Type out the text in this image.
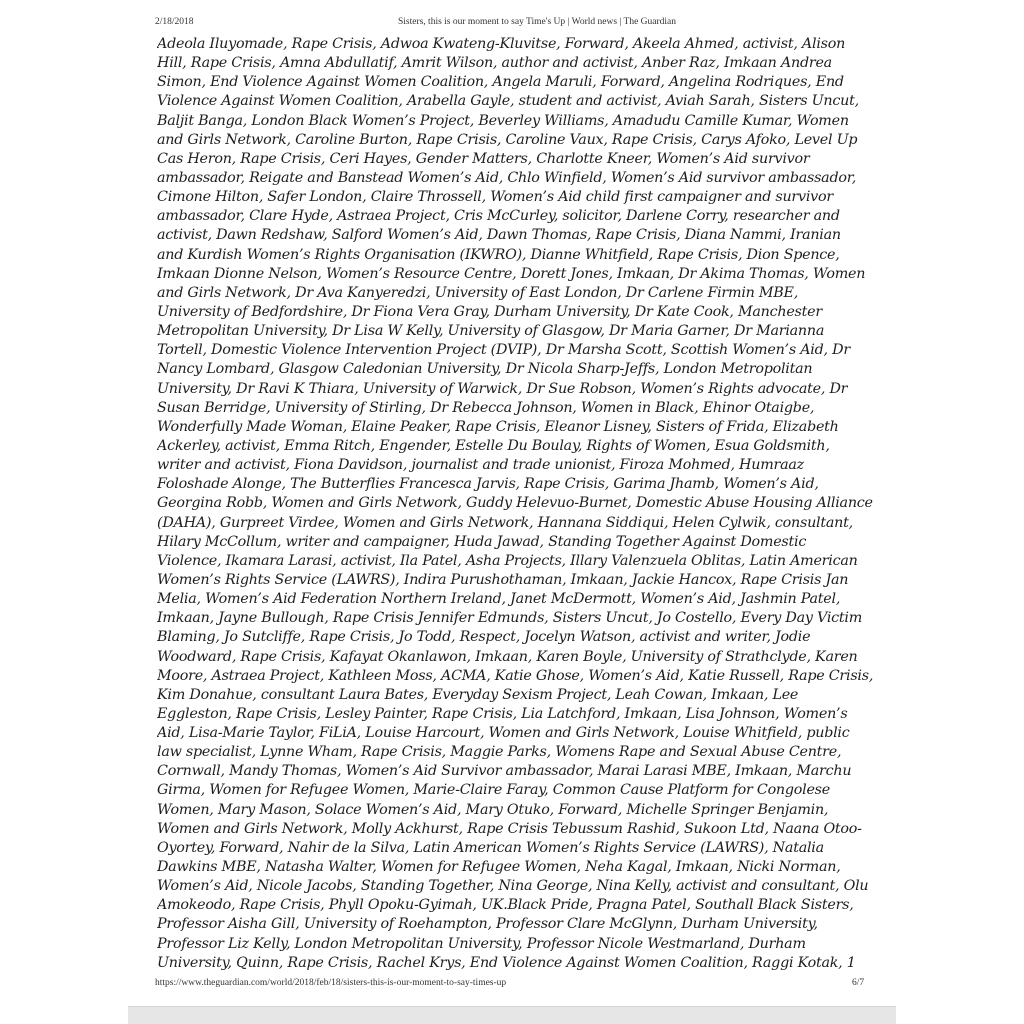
2/18/2018	Sisters, this is our moment to say Time's Up | World news | The Guardian
Adeola Iluyomade, Rape Crisis, Adwoa Kwateng-Kluvitse, Forward, Akeela Ahmed, activist, Alison
Hill, Rape Crisis, Amna Abdullatif, Amrit Wilson, author and activist, Anber Raz, Imkaan Andrea
Simon, End Violence Against Women Coalition, Angela Maruli, Forward, Angelina Rodriques, End
Violence Against Women Coalition, Arabella Gayle, student and activist, Aviah Sarah, Sisters Uncut,
Baljit Banga, London Black Women’s Project, Beverley Williams, Amadudu Camille Kumar, Women
and Girls Network, Caroline Burton, Rape Crisis, Caroline Vaux, Rape Crisis, Carys Afoko, Level Up
Cas Heron, Rape Crisis, Ceri Hayes, Gender Matters, Charlotte Kneer, Women’s Aid survivor
ambassador, Reigate and Banstead Women’s Aid, Chlo Winfield, Women’s Aid survivor ambassador,
Cimone Hilton, Safer London, Claire Throssell, Women’s Aid child first campaigner and survivor
ambassador, Clare Hyde, Astraea Project, Cris McCurley, solicitor, Darlene Corry, researcher and
activist, Dawn Redshaw, Salford Women’s Aid, Dawn Thomas, Rape Crisis, Diana Nammi, Iranian
and Kurdish Women’s Rights Organisation (IKWRO), Dianne Whitfield, Rape Crisis, Dion Spence,
Imkaan Dionne Nelson, Women’s Resource Centre, Dorett Jones, Imkaan, Dr Akima Thomas, Women
and Girls Network, Dr Ava Kanyeredzi, University of East London, Dr Carlene Firmin MBE,
University of Bedfordshire, Dr Fiona Vera Gray, Durham University, Dr Kate Cook, Manchester
Metropolitan University, Dr Lisa W Kelly, University of Glasgow, Dr Maria Garner, Dr Marianna
Tortell, Domestic Violence Intervention Project (DVIP), Dr Marsha Scott, Scottish Women’s Aid, Dr
Nancy Lombard, Glasgow Caledonian University, Dr Nicola Sharp-Jeffs, London Metropolitan
University, Dr Ravi K Thiara, University of Warwick, Dr Sue Robson, Women’s Rights advocate, Dr
Susan Berridge, University of Stirling, Dr Rebecca Johnson, Women in Black, Ehinor Otaigbe,
Wonderfully Made Woman, Elaine Peaker, Rape Crisis, Eleanor Lisney, Sisters of Frida, Elizabeth
Ackerley, activist, Emma Ritch, Engender, Estelle Du Boulay, Rights of Women, Esua Goldsmith,
writer and activist, Fiona Davidson, journalist and trade unionist, Firoza Mohmed, Humraaz
Foloshade Alonge, The Butterflies Francesca Jarvis, Rape Crisis, Garima Jhamb, Women’s Aid,
Georgina Robb, Women and Girls Network, Guddy Helevuo-Burnet, Domestic Abuse Housing Alliance
(DAHA), Gurpreet Virdee, Women and Girls Network, Hannana Siddiqui, Helen Cylwik, consultant,
Hilary McCollum, writer and campaigner, Huda Jawad, Standing Together Against Domestic
Violence, Ikamara Larasi, activist, Ila Patel, Asha Projects, Illary Valenzuela Oblitas, Latin American
Women’s Rights Service (LAWRS), Indira Purushothaman, Imkaan, Jackie Hancox, Rape Crisis Jan
Melia, Women’s Aid Federation Northern Ireland, Janet McDermott, Women’s Aid, Jashmin Patel,
Imkaan, Jayne Bullough, Rape Crisis Jennifer Edmunds, Sisters Uncut, Jo Costello, Every Day Victim
Blaming, Jo Sutcliffe, Rape Crisis, Jo Todd, Respect, Jocelyn Watson, activist and writer, Jodie
Woodward, Rape Crisis, Kafayat Okanlawon, Imkaan, Karen Boyle, University of Strathclyde, Karen
Moore, Astraea Project, Kathleen Moss, ACMA, Katie Ghose, Women’s Aid, Katie Russell, Rape Crisis,
Kim Donahue, consultant Laura Bates, Everyday Sexism Project, Leah Cowan, Imkaan, Lee
Eggleston, Rape Crisis, Lesley Painter, Rape Crisis, Lia Latchford, Imkaan, Lisa Johnson, Women’s
Aid, Lisa-Marie Taylor, FiLiA, Louise Harcourt, Women and Girls Network, Louise Whitfield, public
law specialist, Lynne Wham, Rape Crisis, Maggie Parks, Womens Rape and Sexual Abuse Centre,
Cornwall, Mandy Thomas, Women’s Aid Survivor ambassador, Marai Larasi MBE, Imkaan, Marchu
Girma, Women for Refugee Women, Marie-Claire Faray, Common Cause Platform for Congolese
Women, Mary Mason, Solace Women’s Aid, Mary Otuko, Forward, Michelle Springer Benjamin,
Women and Girls Network, Molly Ackhurst, Rape Crisis Tebussum Rashid, Sukoon Ltd, Naana Otoo-
Oyortey, Forward, Nahir de la Silva, Latin American Women’s Rights Service (LAWRS), Natalia
Dawkins MBE, Natasha Walter, Women for Refugee Women, Neha Kagal, Imkaan, Nicki Norman,
Women’s Aid, Nicole Jacobs, Standing Together, Nina George, Nina Kelly, activist and consultant, Olu
Amokeodo, Rape Crisis, Phyll Opoku-Gyimah, UK.Black Pride, Pragna Patel, Southall Black Sisters,
Professor Aisha Gill, University of Roehampton, Professor Clare McGlynn, Durham University,
Professor Liz Kelly, London Metropolitan University, Professor Nicole Westmarland, Durham
University, Quinn, Rape Crisis, Rachel Krys, End Violence Against Women Coalition, Raggi Kotak, 1
https://www.theguardian.com/world/2018/feb/18/sisters-this-is-our-moment-to-say-times-up	6/7
